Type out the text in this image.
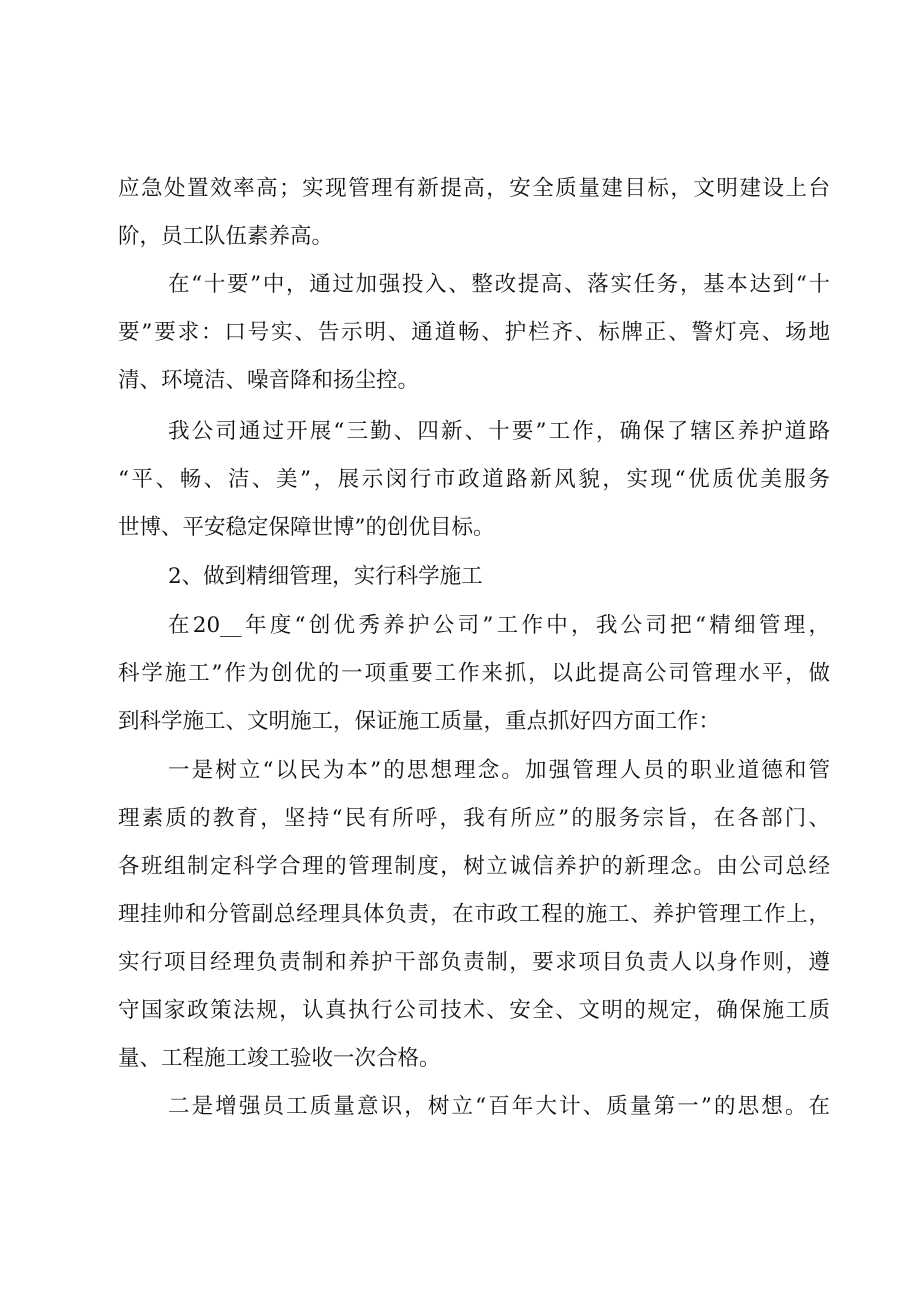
应急处置效率高；实现管理有新提高，安全质量建目标，文明建设上台
阶，员工队伍素养高。
在“十要”中，通过加强投入、整改提高、落实任务，基本达到“十
要”要求：口号实、告示明、通道畅、护栏齐、标牌正、警灯亮、场地
清、环境洁、噪音降和扬尘控。
我公司通过开展“三勤、四新、十要”工作，确保了辖区养护道路
“平、畅、洁、美”，展示闵行市政道路新风貌，实现“优质优美服务
世博、平安稳定保障世博”的创优目标。
2、做到精细管理，实行科学施工
在20__年度“创优秀养护公司”工作中，我公司把“精细管理，
科学施工”作为创优的一项重要工作来抓，以此提高公司管理水平，做
到科学施工、文明施工，保证施工质量，重点抓好四方面工作：
一是树立“以民为本”的思想理念。加强管理人员的职业道德和管
理素质的教育，坚持“民有所呼，我有所应”的服务宗旨，在各部门、
各班组制定科学合理的管理制度，树立诚信养护的新理念。由公司总经
理挂帅和分管副总经理具体负责，在市政工程的施工、养护管理工作上，
实行项目经理负责制和养护干部负责制，要求项目负责人以身作则，遵
守国家政策法规，认真执行公司技术、安全、文明的规定，确保施工质
量、工程施工竣工验收一次合格。
二是增强员工质量意识，树立“百年大计、质量第一”的思想。在
